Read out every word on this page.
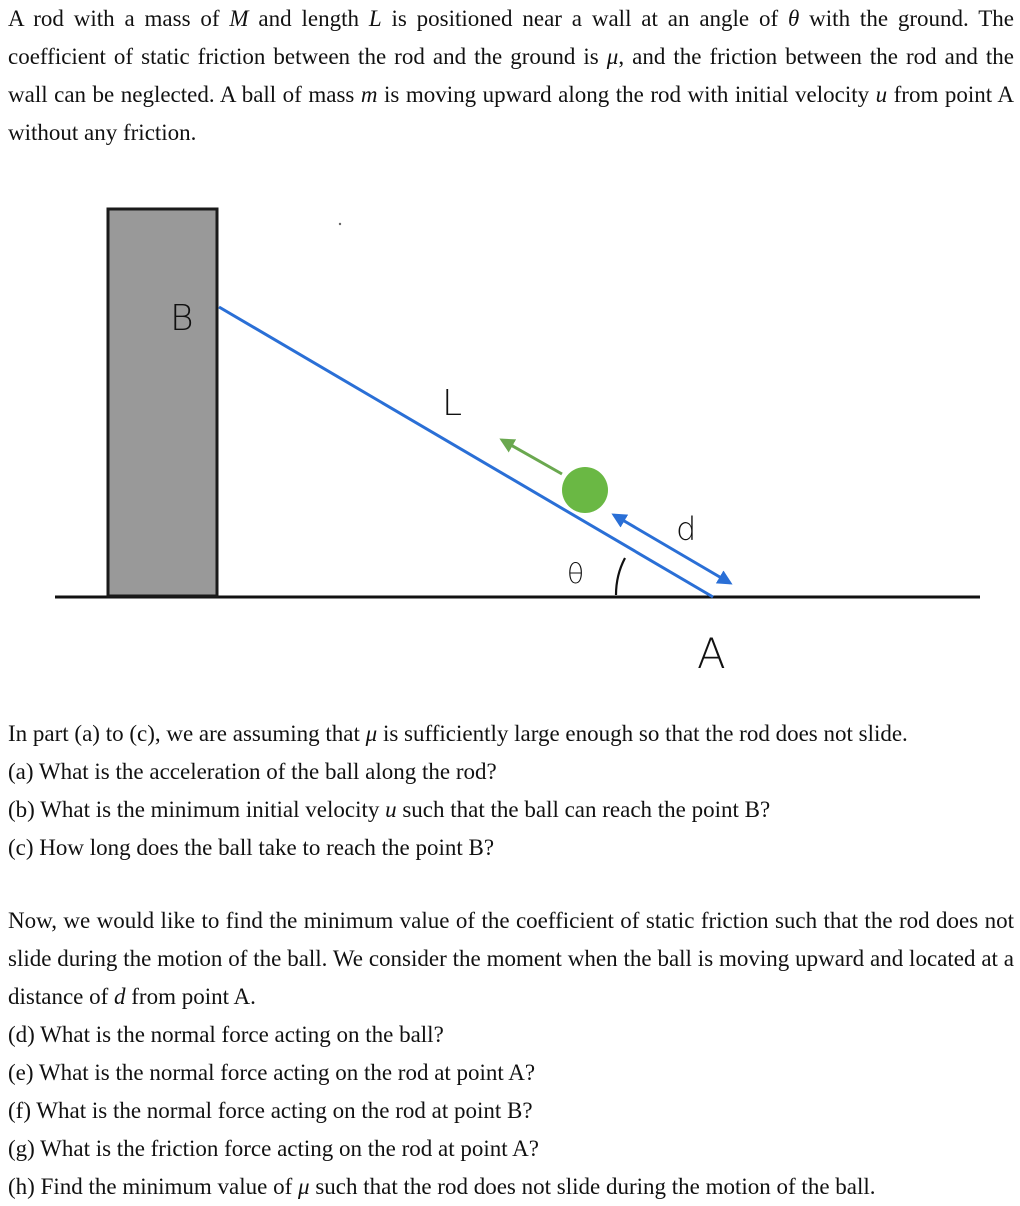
A rod with a mass of M and length L is positioned near a wall at an angle of θ with the ground. The coefficient of static friction between the rod and the ground is μ, and the friction between the rod and the wall can be neglected. A ball of mass m is moving upward along the rod with initial velocity u from point A without any friction.

B
L
θ
d
A

In part (a) to (c), we are assuming that μ is sufficiently large enough so that the rod does not slide.

(a) What is the acceleration of the ball along the rod?

(b) What is the minimum initial velocity u such that the ball can reach the point B?

(c) How long does the ball take to reach the point B?

Now, we would like to find the minimum value of the coefficient of static friction such that the rod does not slide during the motion of the ball. We consider the moment when the ball is moving upward and located at a distance of d from point A.

(d) What is the normal force acting on the ball?

(e) What is the normal force acting on the rod at point A?

(f) What is the normal force acting on the rod at point B?

(g) What is the friction force acting on the rod at point A?

(h) Find the minimum value of μ such that the rod does not slide during the motion of the ball.
